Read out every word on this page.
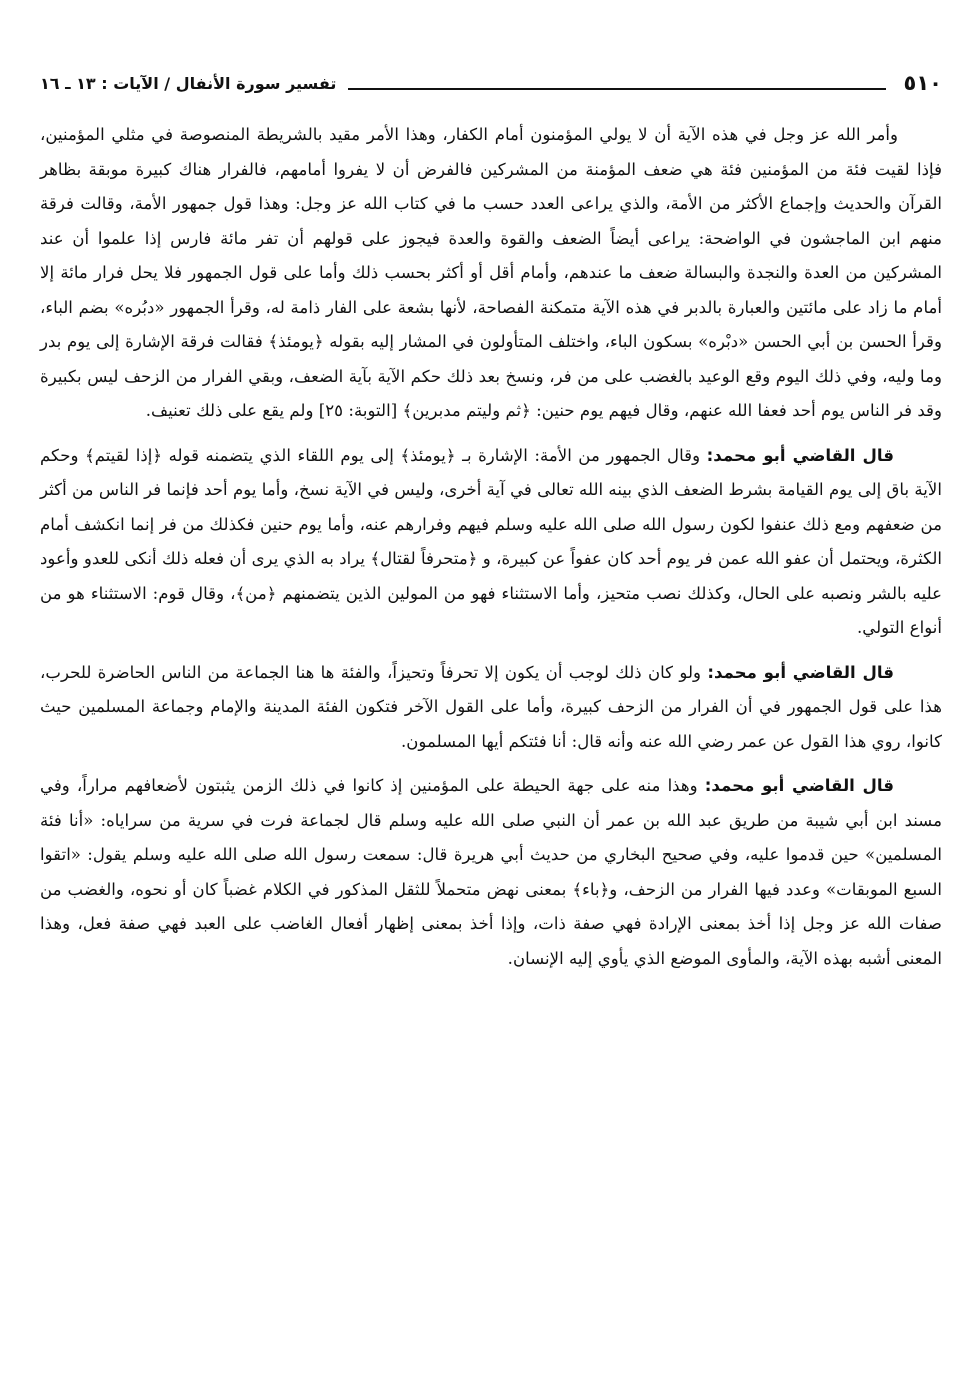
٥١٠
تفسير سورة الأنفال / الآيات : ١٣ ـ ١٦

وأمر الله عز وجل في هذه الآية أن لا يولي المؤمنون أمام الكفار، وهذا الأمر مقيد بالشريطة المنصوصة في مثلي المؤمنين، فإذا لقيت فئة من المؤمنين فئة هي ضعف المؤمنة من المشركين فالفرض أن لا يفروا أمامهم، فالفرار هناك كبيرة موبقة بظاهر القرآن والحديث وإجماع الأكثر من الأمة، والذي يراعى العدد حسب ما في كتاب الله عز وجل: وهذا قول جمهور الأمة، وقالت فرقة منهم ابن الماجشون في الواضحة: يراعى أيضاً الضعف والقوة والعدة فيجوز على قولهم أن تفر مائة فارس إذا علموا أن عند المشركين من العدة والنجدة والبسالة ضعف ما عندهم، وأمام أقل أو أكثر بحسب ذلك وأما على قول الجمهور فلا يحل فرار مائة إلا أمام ما زاد على مائتين والعبارة بالدبر في هذه الآية متمكنة الفصاحة، لأنها بشعة على الفار ذامة له، وقرأ الجمهور «دبُره» بضم الباء، وقرأ الحسن بن أبي الحسن «دبْره» بسكون الباء، واختلف المتأولون في المشار إليه بقوله ﴿يومئذ﴾ فقالت فرقة الإشارة إلى يوم بدر وما وليه، وفي ذلك اليوم وقع الوعيد بالغضب على من فر، ونسخ بعد ذلك حكم الآية بآية الضعف، وبقي الفرار من الزحف ليس بكبيرة وقد فر الناس يوم أحد فعفا الله عنهم، وقال فيهم يوم حنين: ﴿ثم وليتم مدبرين﴾ [التوبة: ٢٥] ولم يقع على ذلك تعنيف.

قال القاضي أبو محمد: وقال الجمهور من الأمة: الإشارة بـ ﴿يومئذ﴾ إلى يوم اللقاء الذي يتضمنه قوله ﴿إذا لقيتم﴾ وحكم الآية باق إلى يوم القيامة بشرط الضعف الذي بينه الله تعالى في آية أخرى، وليس في الآية نسخ، وأما يوم أحد فإنما فر الناس من أكثر من ضعفهم ومع ذلك عنفوا لكون رسول الله صلى الله عليه وسلم فيهم وفرارهم عنه، وأما يوم حنين فكذلك من فر إنما انكشف أمام الكثرة، ويحتمل أن عفو الله عمن فر يوم أحد كان عفواً عن كبيرة، و ﴿متحرفاً لقتال﴾ يراد به الذي يرى أن فعله ذلك أنكى للعدو وأعود عليه بالشر ونصبه على الحال، وكذلك نصب متحيز، وأما الاستثناء فهو من المولين الذين يتضمنهم ﴿من﴾، وقال قوم: الاستثناء هو من أنواع التولي.

قال القاضي أبو محمد: ولو كان ذلك لوجب أن يكون إلا تحرفاً وتحيزاً، والفئة ها هنا الجماعة من الناس الحاضرة للحرب، هذا على قول الجمهور في أن الفرار من الزحف كبيرة، وأما على القول الآخر فتكون الفئة المدينة والإمام وجماعة المسلمين حيث كانوا، روي هذا القول عن عمر رضي الله عنه وأنه قال: أنا فئتكم أيها المسلمون.

قال القاضي أبو محمد: وهذا منه على جهة الحيطة على المؤمنين إذ كانوا في ذلك الزمن يثبتون لأضعافهم مراراً، وفي مسند ابن أبي شيبة من طريق عبد الله بن عمر أن النبي صلى الله عليه وسلم قال لجماعة فرت في سرية من سراياه: «أنا فئة المسلمين» حين قدموا عليه، وفي صحيح البخاري من حديث أبي هريرة قال: سمعت رسول الله صلى الله عليه وسلم يقول: «اتقوا السبع الموبقات» وعدد فيها الفرار من الزحف، و﴿باء﴾ بمعنى نهض متحملاً للثقل المذكور في الكلام غضباً كان أو نحوه، والغضب من صفات الله عز وجل إذا أخذ بمعنى الإرادة فهي صفة ذات، وإذا أخذ بمعنى إظهار أفعال الغاضب على العبد فهي صفة فعل، وهذا المعنى أشبه بهذه الآية، والمأوى الموضع الذي يأوي إليه الإنسان.
